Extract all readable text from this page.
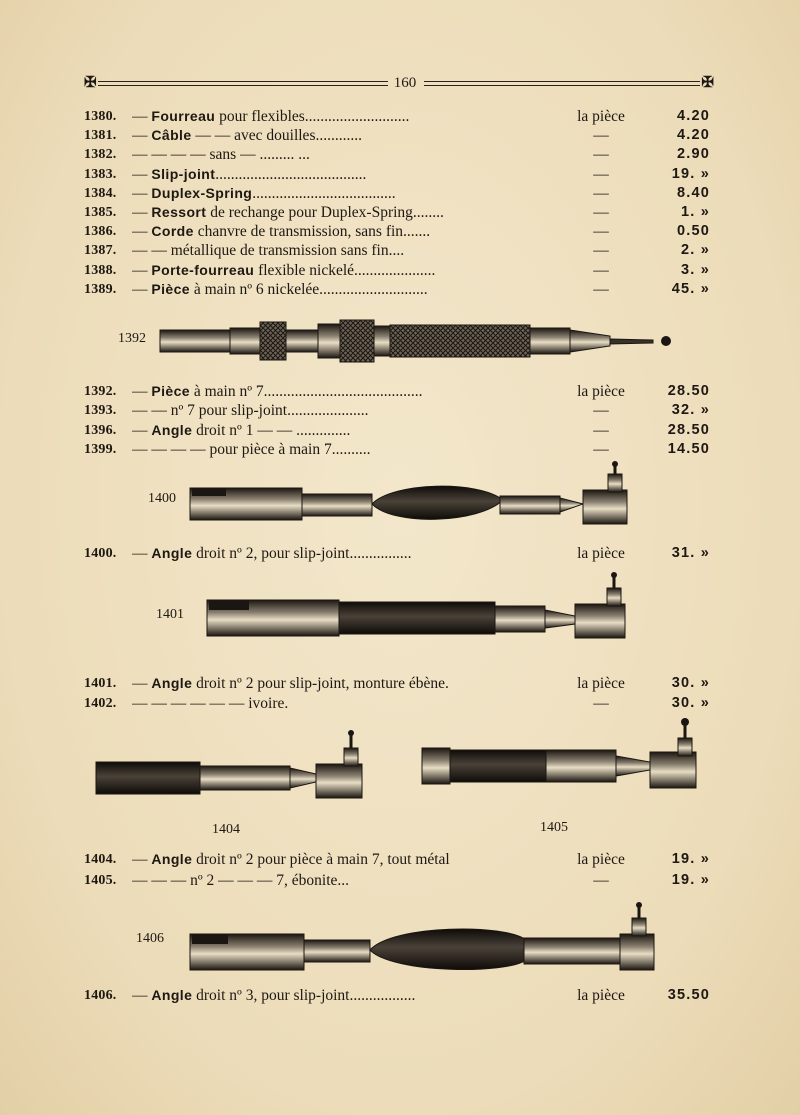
✠	160	✠
1380.	— Fourreau pour flexibles...........................	la pièce	4.20
1381.	— Câble — — avec douilles............	—	4.20
1382.	— — — — sans — ......... ...	—	2.90
1383.	— Slip-joint.......................................	—	19. »
1384.	— Duplex-Spring.....................................	—	8.40
1385.	— Ressort de rechange pour Duplex-Spring........	—	1. »
1386.	— Corde chanvre de transmission, sans fin.......	—	0.50
1387.	— — métallique de transmission sans fin....	—	2. »
1388.	— Porte-fourreau flexible nickelé.....................	—	3. »
1389.	— Pièce à main nº 6 nickelée............................	—	45. »
1392.	— Pièce à main nº 7.........................................	la pièce	28.50
1393.	— — nº 7 pour slip-joint.....................	—	32. »
1396.	— Angle droit nº 1 — — ..............	—	28.50
1399.	— — — — pour pièce à main 7..........	—	14.50
1400.	— Angle droit nº 2, pour slip-joint................	la pièce	31. »
1401.	— Angle droit nº 2 pour slip-joint, monture ébène.	la pièce	30. »
1402.	— — — — — — ivoire.	—	30. »
1404.	— Angle droit nº 2 pour pièce à main 7, tout métal	la pièce	19. »
1405.	— — — nº 2 — — — 7, ébonite...	—	19. »
1406.	— Angle droit nº 3, pour slip-joint.................	la pièce	35.50
1392
1400
1401
1404	1405
1406
